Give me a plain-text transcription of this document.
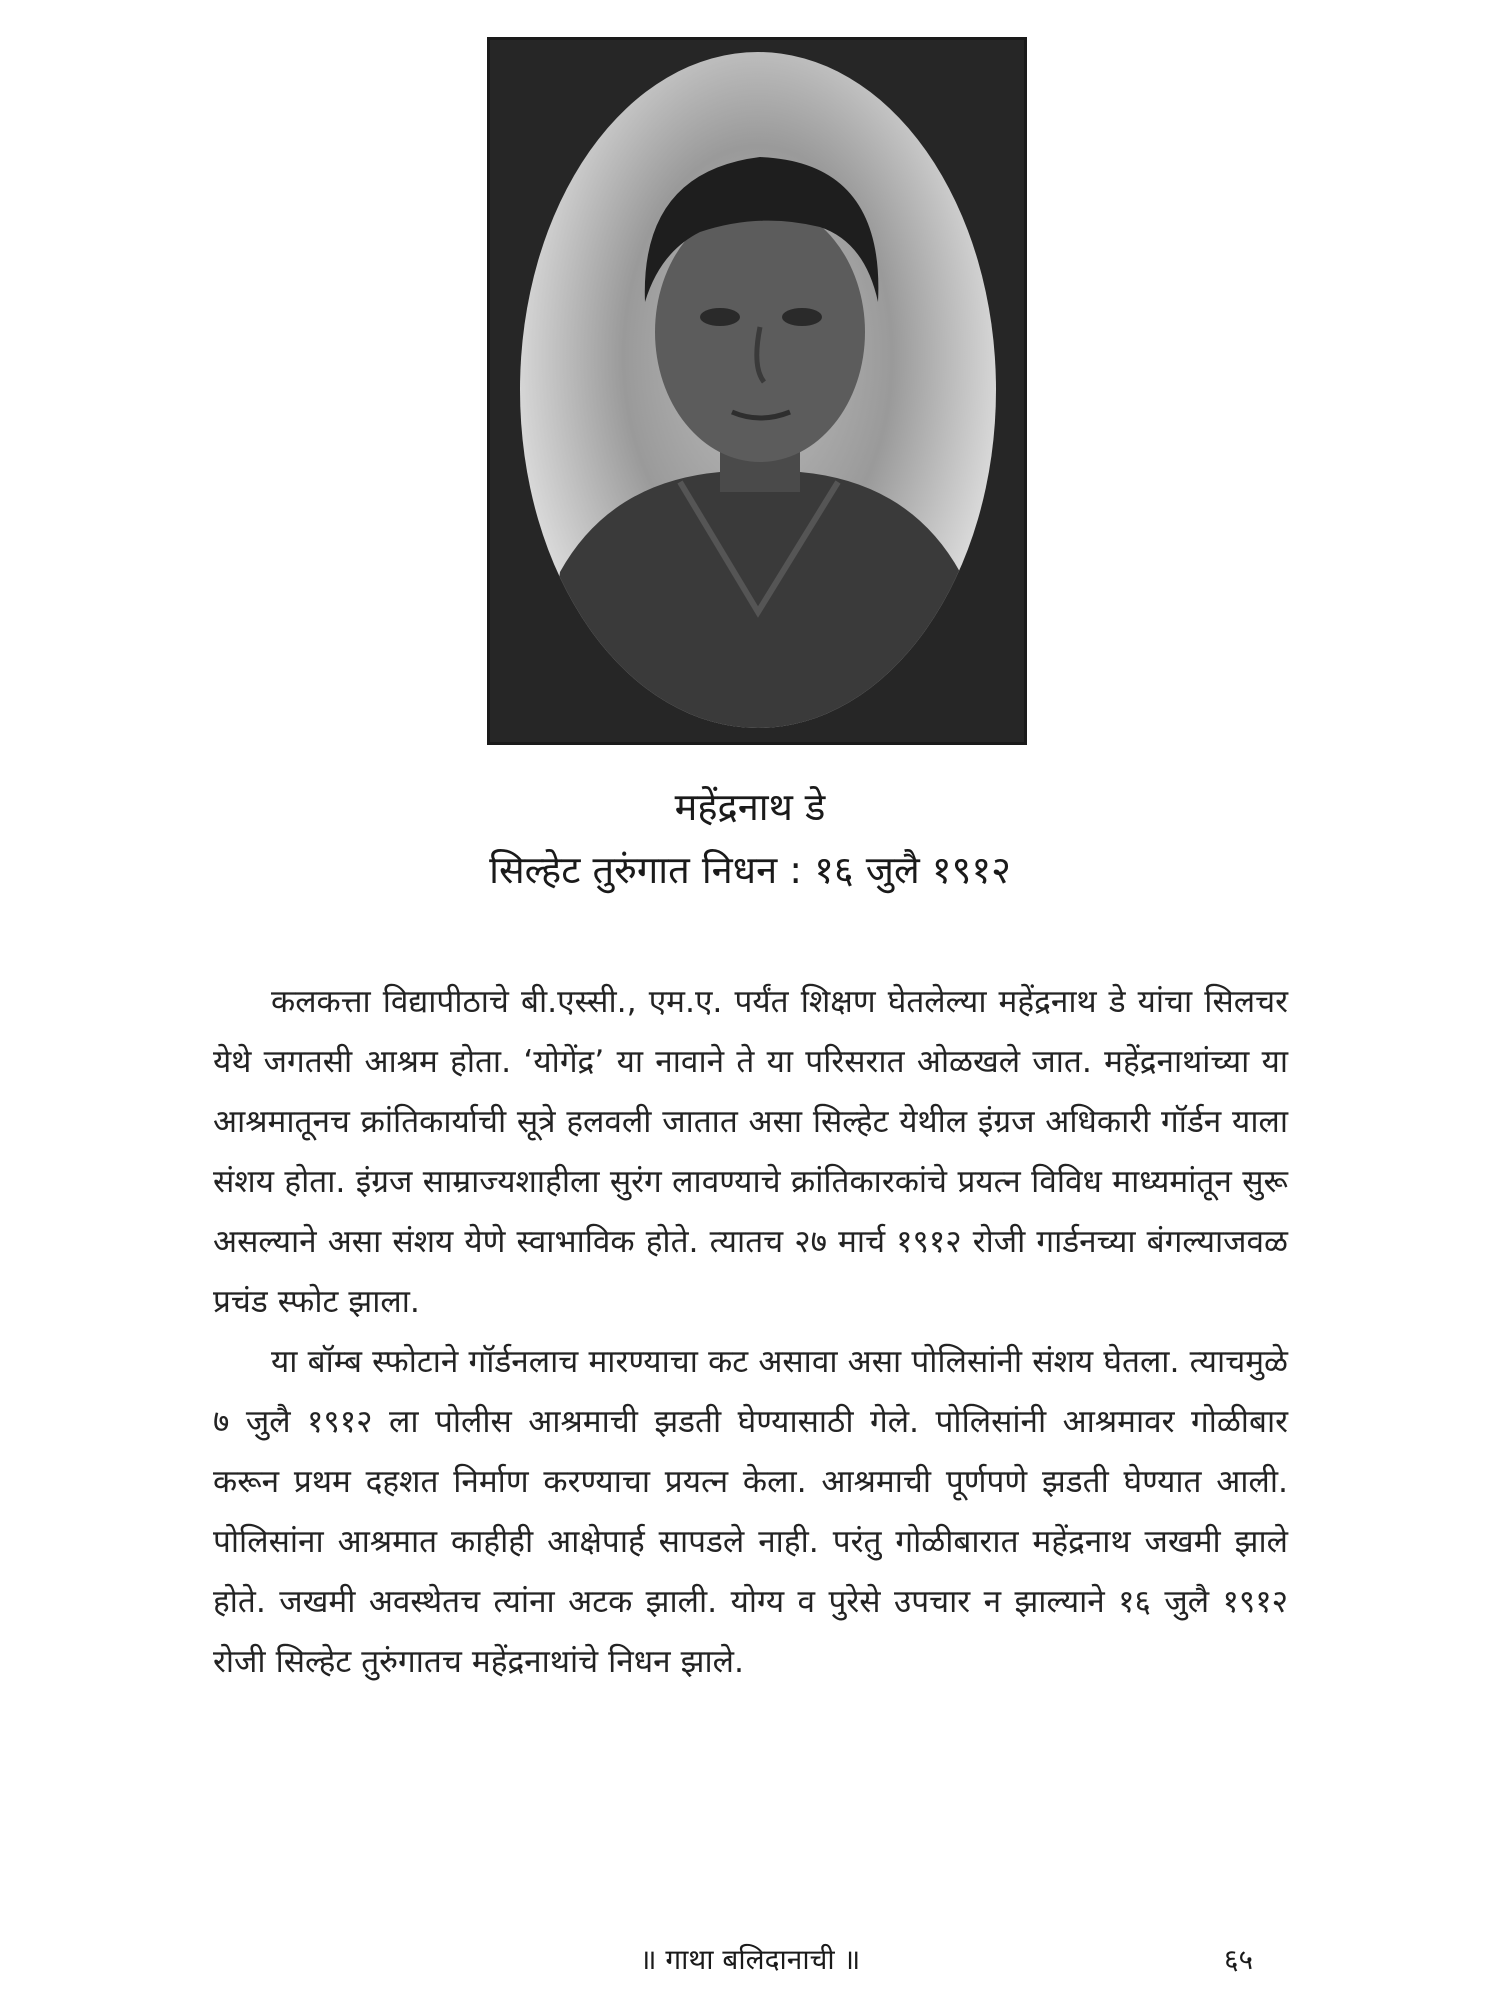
महेंद्रनाथ डे
सिल्हेट तुरुंगात निधन : १६ जुलै १९१२

कलकत्ता विद्यापीठाचे बी.एस्सी., एम.ए. पर्यंत शिक्षण घेतलेल्या महेंद्रनाथ डे यांचा सिलचर येथे जगतसी आश्रम होता. ‘योगेंद्र’ या नावाने ते या परिसरात ओळखले जात. महेंद्रनाथांच्या या आश्रमातूनच क्रांतिकार्याची सूत्रे हलवली जातात असा सिल्हेट येथील इंग्रज अधिकारी गॉर्डन याला संशय होता. इंग्रज साम्राज्यशाहीला सुरंग लावण्याचे क्रांतिकारकांचे प्रयत्न विविध माध्यमांतून सुरू असल्याने असा संशय येणे स्वाभाविक होते. त्यातच २७ मार्च १९१२ रोजी गार्डनच्या बंगल्याजवळ प्रचंड स्फोट झाला.

या बॉम्ब स्फोटाने गॉर्डनलाच मारण्याचा कट असावा असा पोलिसांनी संशय घेतला. त्याचमुळे ७ जुलै १९१२ ला पोलीस आश्रमाची झडती घेण्यासाठी गेले. पोलिसांनी आश्रमावर गोळीबार करून प्रथम दहशत निर्माण करण्याचा प्रयत्न केला. आश्रमाची पूर्णपणे झडती घेण्यात आली. पोलिसांना आश्रमात काहीही आक्षेपार्ह सापडले नाही. परंतु गोळीबारात महेंद्रनाथ जखमी झाले होते. जखमी अवस्थेतच त्यांना अटक झाली. योग्य व पुरेसे उपचार न झाल्याने १६ जुलै १९१२ रोजी सिल्हेट तुरुंगातच महेंद्रनाथांचे निधन झाले.

॥ गाथा बलिदानाची ॥	६५
